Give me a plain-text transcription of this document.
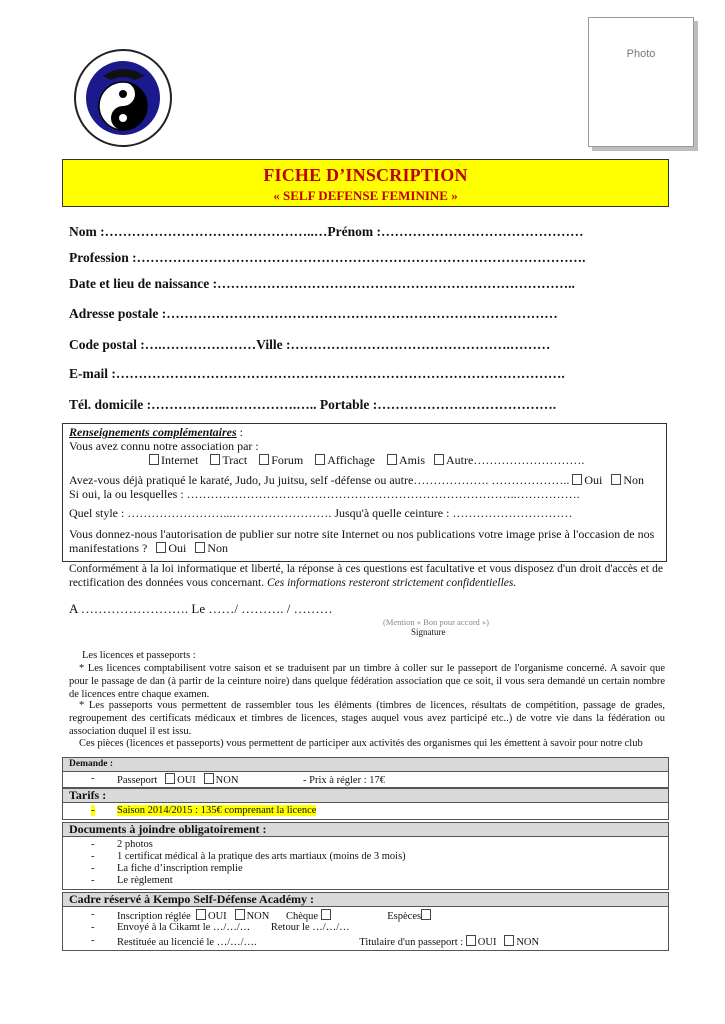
Photo
FICHE D’INSCRIPTION
« SELF DEFENSE FEMININE »
Nom :………………………………………..…Prénom :………………………………………
Profession :……………………………………………………………………………………….
Date et lieu de naissance :……………………………………………………………………..
Adresse postale :……………………………………………………………………………
Code postal :….…………………Ville :………………………………………….………
E-mail :……………………………………………………………………………………….
Tél. domicile :……………..…………….….. Portable :………………………………….
Renseignements complémentaires :
Vous avez connu notre association par :
Internet Tract Forum Affichage Amis Autre……………………….
Avez-vous déjà pratiqué le karaté, Judo, Ju juitsu, self -défense ou autre………………. ……………….. Oui Non
Si oui, la ou lesquelles : ………………………………………………………………………..…………….
Quel style : ……………………...……………………. Jusqu'à quelle ceinture : …………………………
Vous donnez-nous l'autorisation de publier sur notre site Internet ou nos publications votre image prise à l'occasion de nos
manifestations ? Oui Non
Conformément à la loi informatique et liberté, la réponse à ces questions est facultative et vous disposez d'un droit d'accès et de rectification des données vous concernant. Ces informations resteront strictement confidentielles.
A ……………………. Le ……/ ………. / ………
(Mention « Bon pour accord »)
Signature
Les licences et passeports :
* Les licences comptabilisent votre saison et se traduisent par un timbre à coller sur le passeport de l'organisme concerné. A savoir que pour le passage de dan (à partir de la ceinture noire) dans quelque fédération association que ce soit, il vous sera demandé un certain nombre de licences entre chaque examen.
* Les passeports vous permettent de rassembler tous les éléments (timbres de licences, résultats de compétition, passage de grades, regroupement des certificats médicaux et timbres de licences, stages auquel vous avez participé etc..) de votre vie dans la fédération ou association duquel il est issu.
Ces pièces (licences et passeports) vous permettent de participer aux activités des organismes qui les émettent à savoir pour notre club
Demande :
- Passeport OUI NON	- Prix à régler : 17€
Tarifs :
- Saison 2014/2015 : 135€ comprenant la licence
Documents à joindre obligatoirement :
- 2 photos
- 1 certificat médical à la pratique des arts martiaux (moins de 3 mois)
- La fiche d’inscription remplie
- Le règlement
Cadre réservé à Kempo Self-Défense Académy :
- Inscription réglée OUI NON Chèque	Espèces
- Envoyé à la Cikamt le …/…/… Retour le …/…/…
- Restituée au licencié le …/…/….	Titulaire d'un passeport : OUI NON
